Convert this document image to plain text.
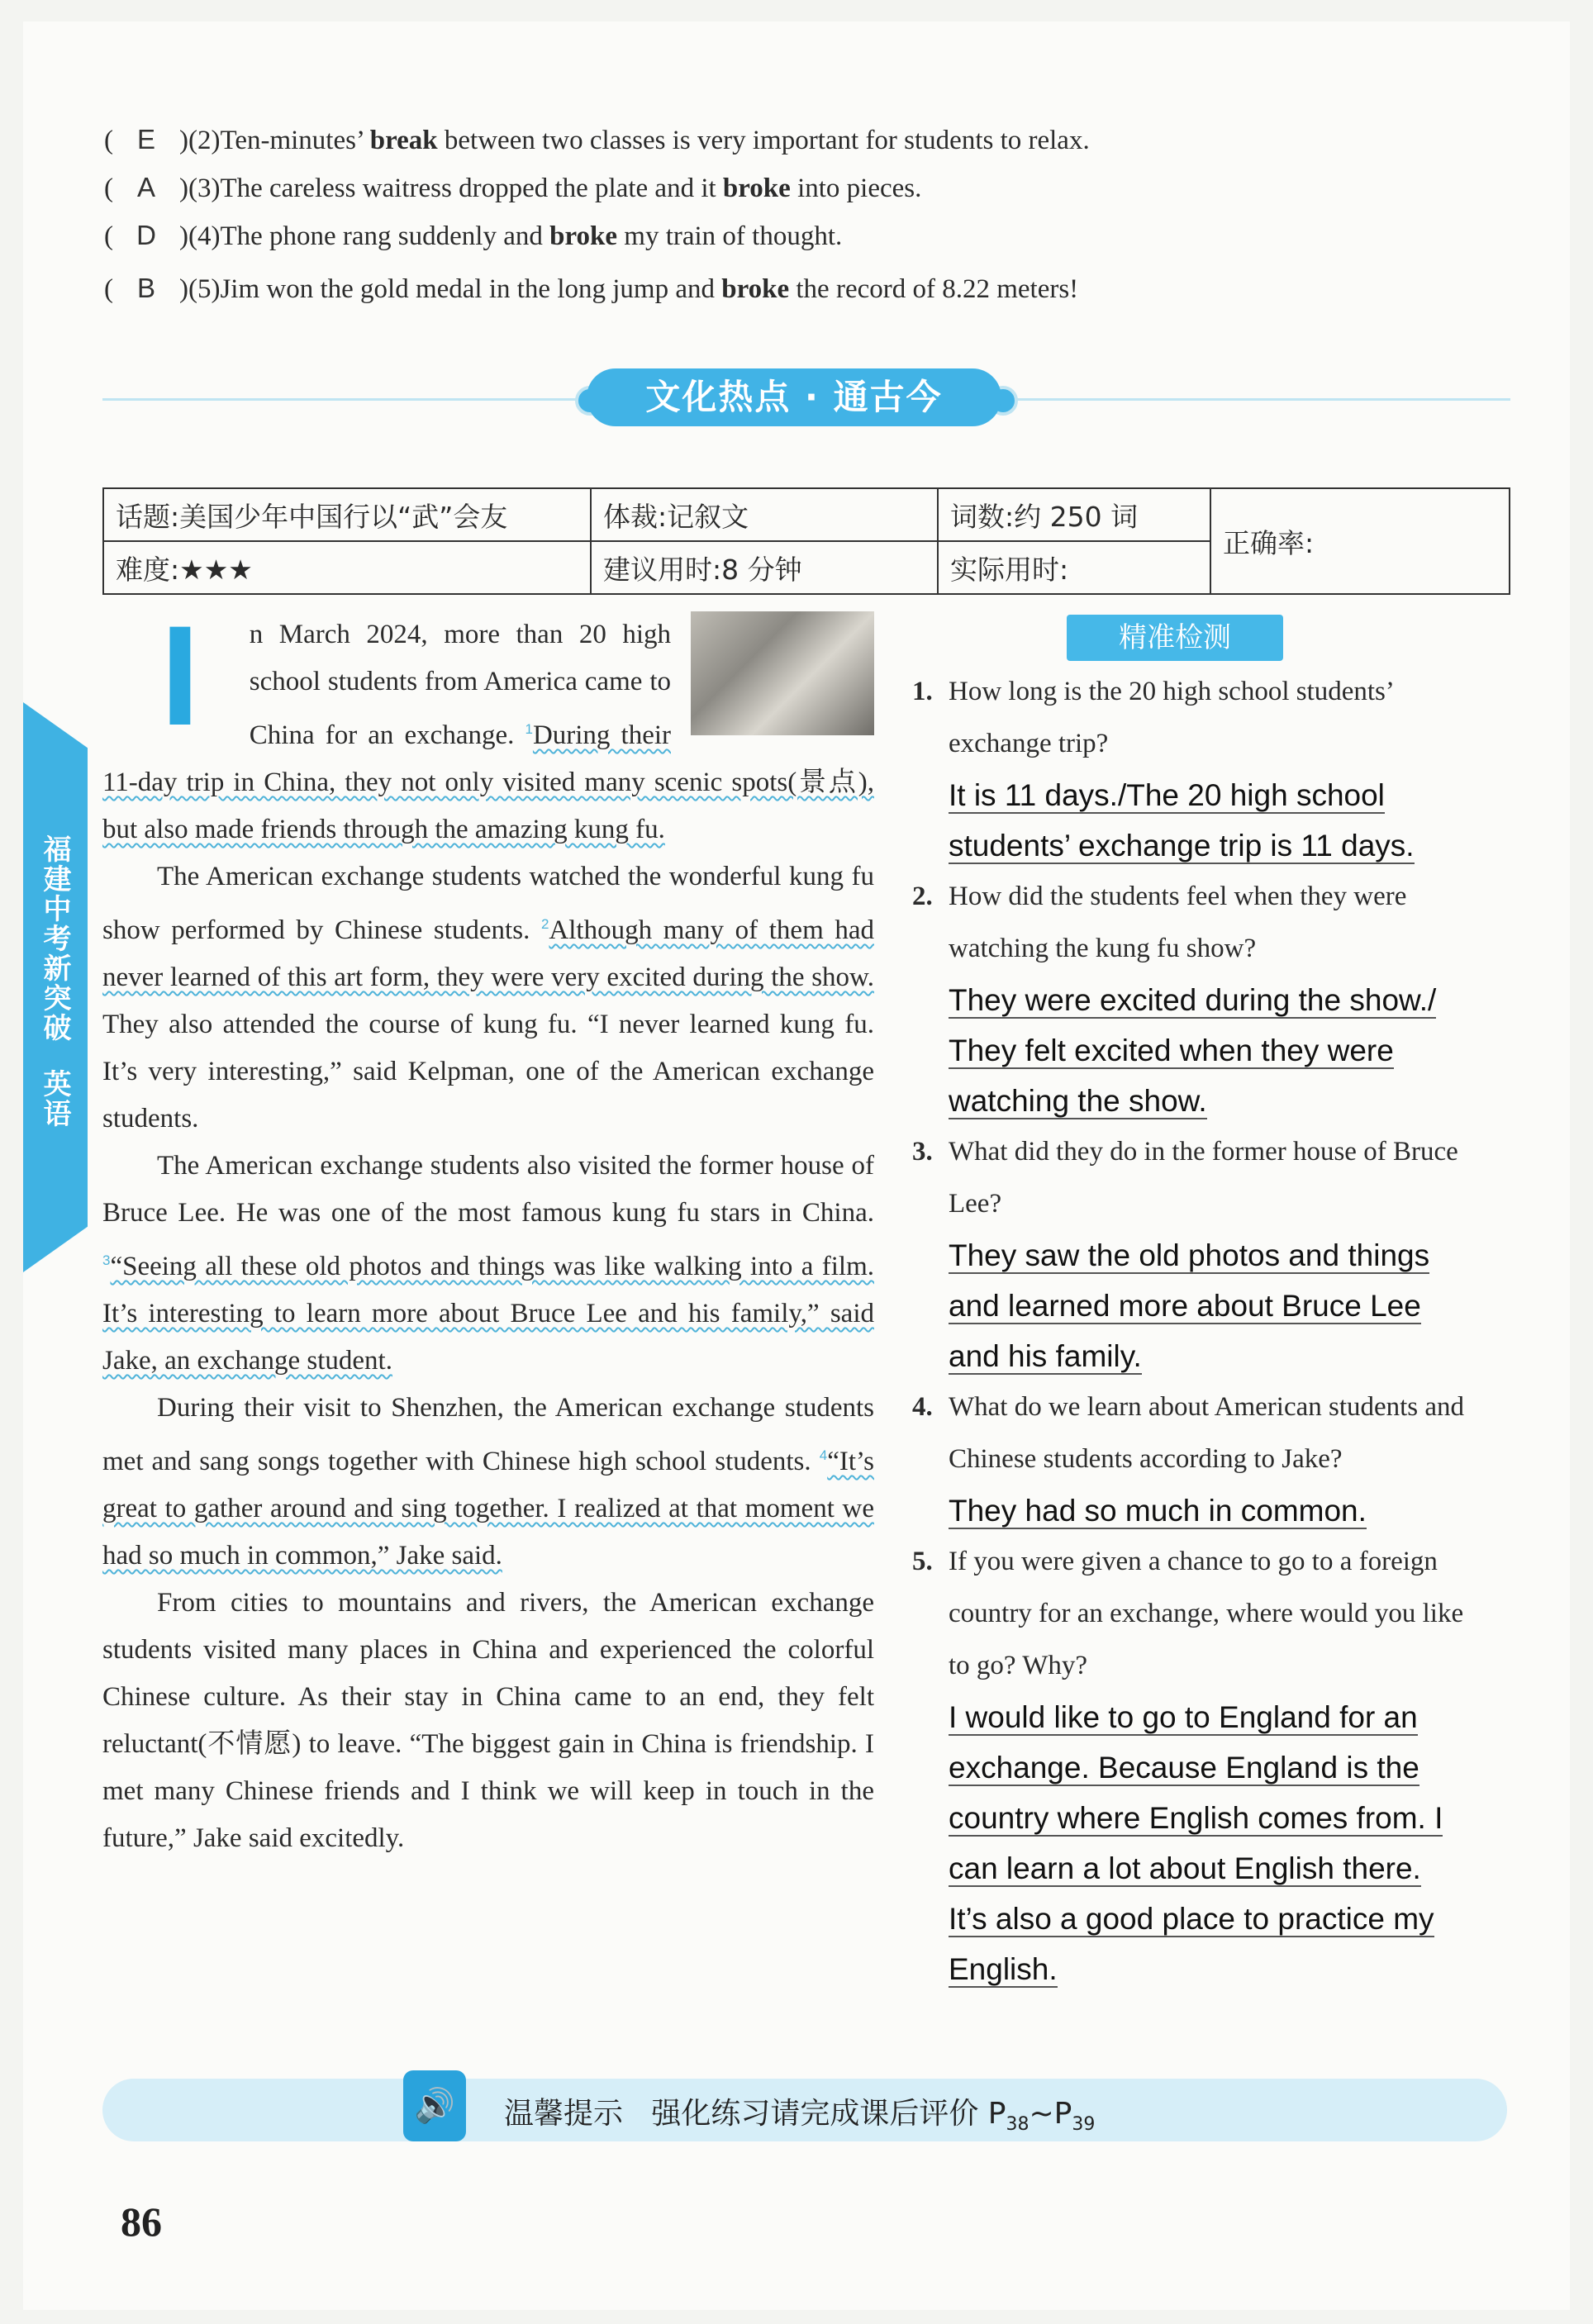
福建中考新突破 英语
( E )(2)Ten-minutes’ break between two classes is very important for students to relax.
( A )(3)The careless waitress dropped the plate and it broke into pieces.
( D )(4)The phone rang suddenly and broke my train of thought.
( B )(5)Jim won the gold medal in the long jump and broke the record of 8.22 meters!
文化热点 · 通古今
话题:美国少年中国行以“武”会友	体裁:记叙文	词数:约 250 词	正确率:
难度:★★★	建议用时:8 分钟	实际用时:	

I n March 2024, more than 20 high school students from America came to China for an exchange. $^1$During their 11-day trip in China, they not only visited many scenic spots(景点), but also made friends through the amazing kung fu.

The American exchange students watched the wonderful kung fu show performed by Chinese students. $^2$Although many of them had never learned of this art form, they were very excited during the show. They also attended the course of kung fu. “I never learned kung fu. It’s very interesting,” said Kelpman, one of the American exchange students.

The American exchange students also visited the former house of Bruce Lee. He was one of the most famous kung fu stars in China. $^3$“Seeing all these old photos and things was like walking into a film. It’s interesting to learn more about Bruce Lee and his family,” said Jake, an exchange student.

During their visit to Shenzhen, the American exchange students met and sang songs together with Chinese high school students. $^4$“It’s great to gather around and sing together. I realized at that moment we had so much in common,” Jake said.

From cities to mountains and rivers, the American exchange students visited many places in China and experienced the colorful Chinese culture. As their stay in China came to an end, they felt reluctant(不情愿) to leave. “The biggest gain in China is friendship. I met many Chinese friends and I think we will keep in touch in the future,” Jake said excitedly.

精准检测
1. How long is the 20 high school students’ exchange trip?
It is 11 days./The 20 high school
students’ exchange trip is 11 days.
2. How did the students feel when they were watching the kung fu show?
They were excited during the show./
They felt excited when they were
watching the show.
3. What did they do in the former house of Bruce Lee?
They saw the old photos and things
and learned more about Bruce Lee
and his family.
4. What do we learn about American students and Chinese students according to Jake?
They had so much in common.
5. If you were given a chance to go to a foreign country for an exchange, where would you like to go? Why?
I would like to go to England for an
exchange. Because England is the
country where English comes from. I
can learn a lot about English there.
It’s also a good place to practice my
English.
🔊	温馨提示 强化练习请完成课后评价 $P_{38}\sim P_{39}$
86
